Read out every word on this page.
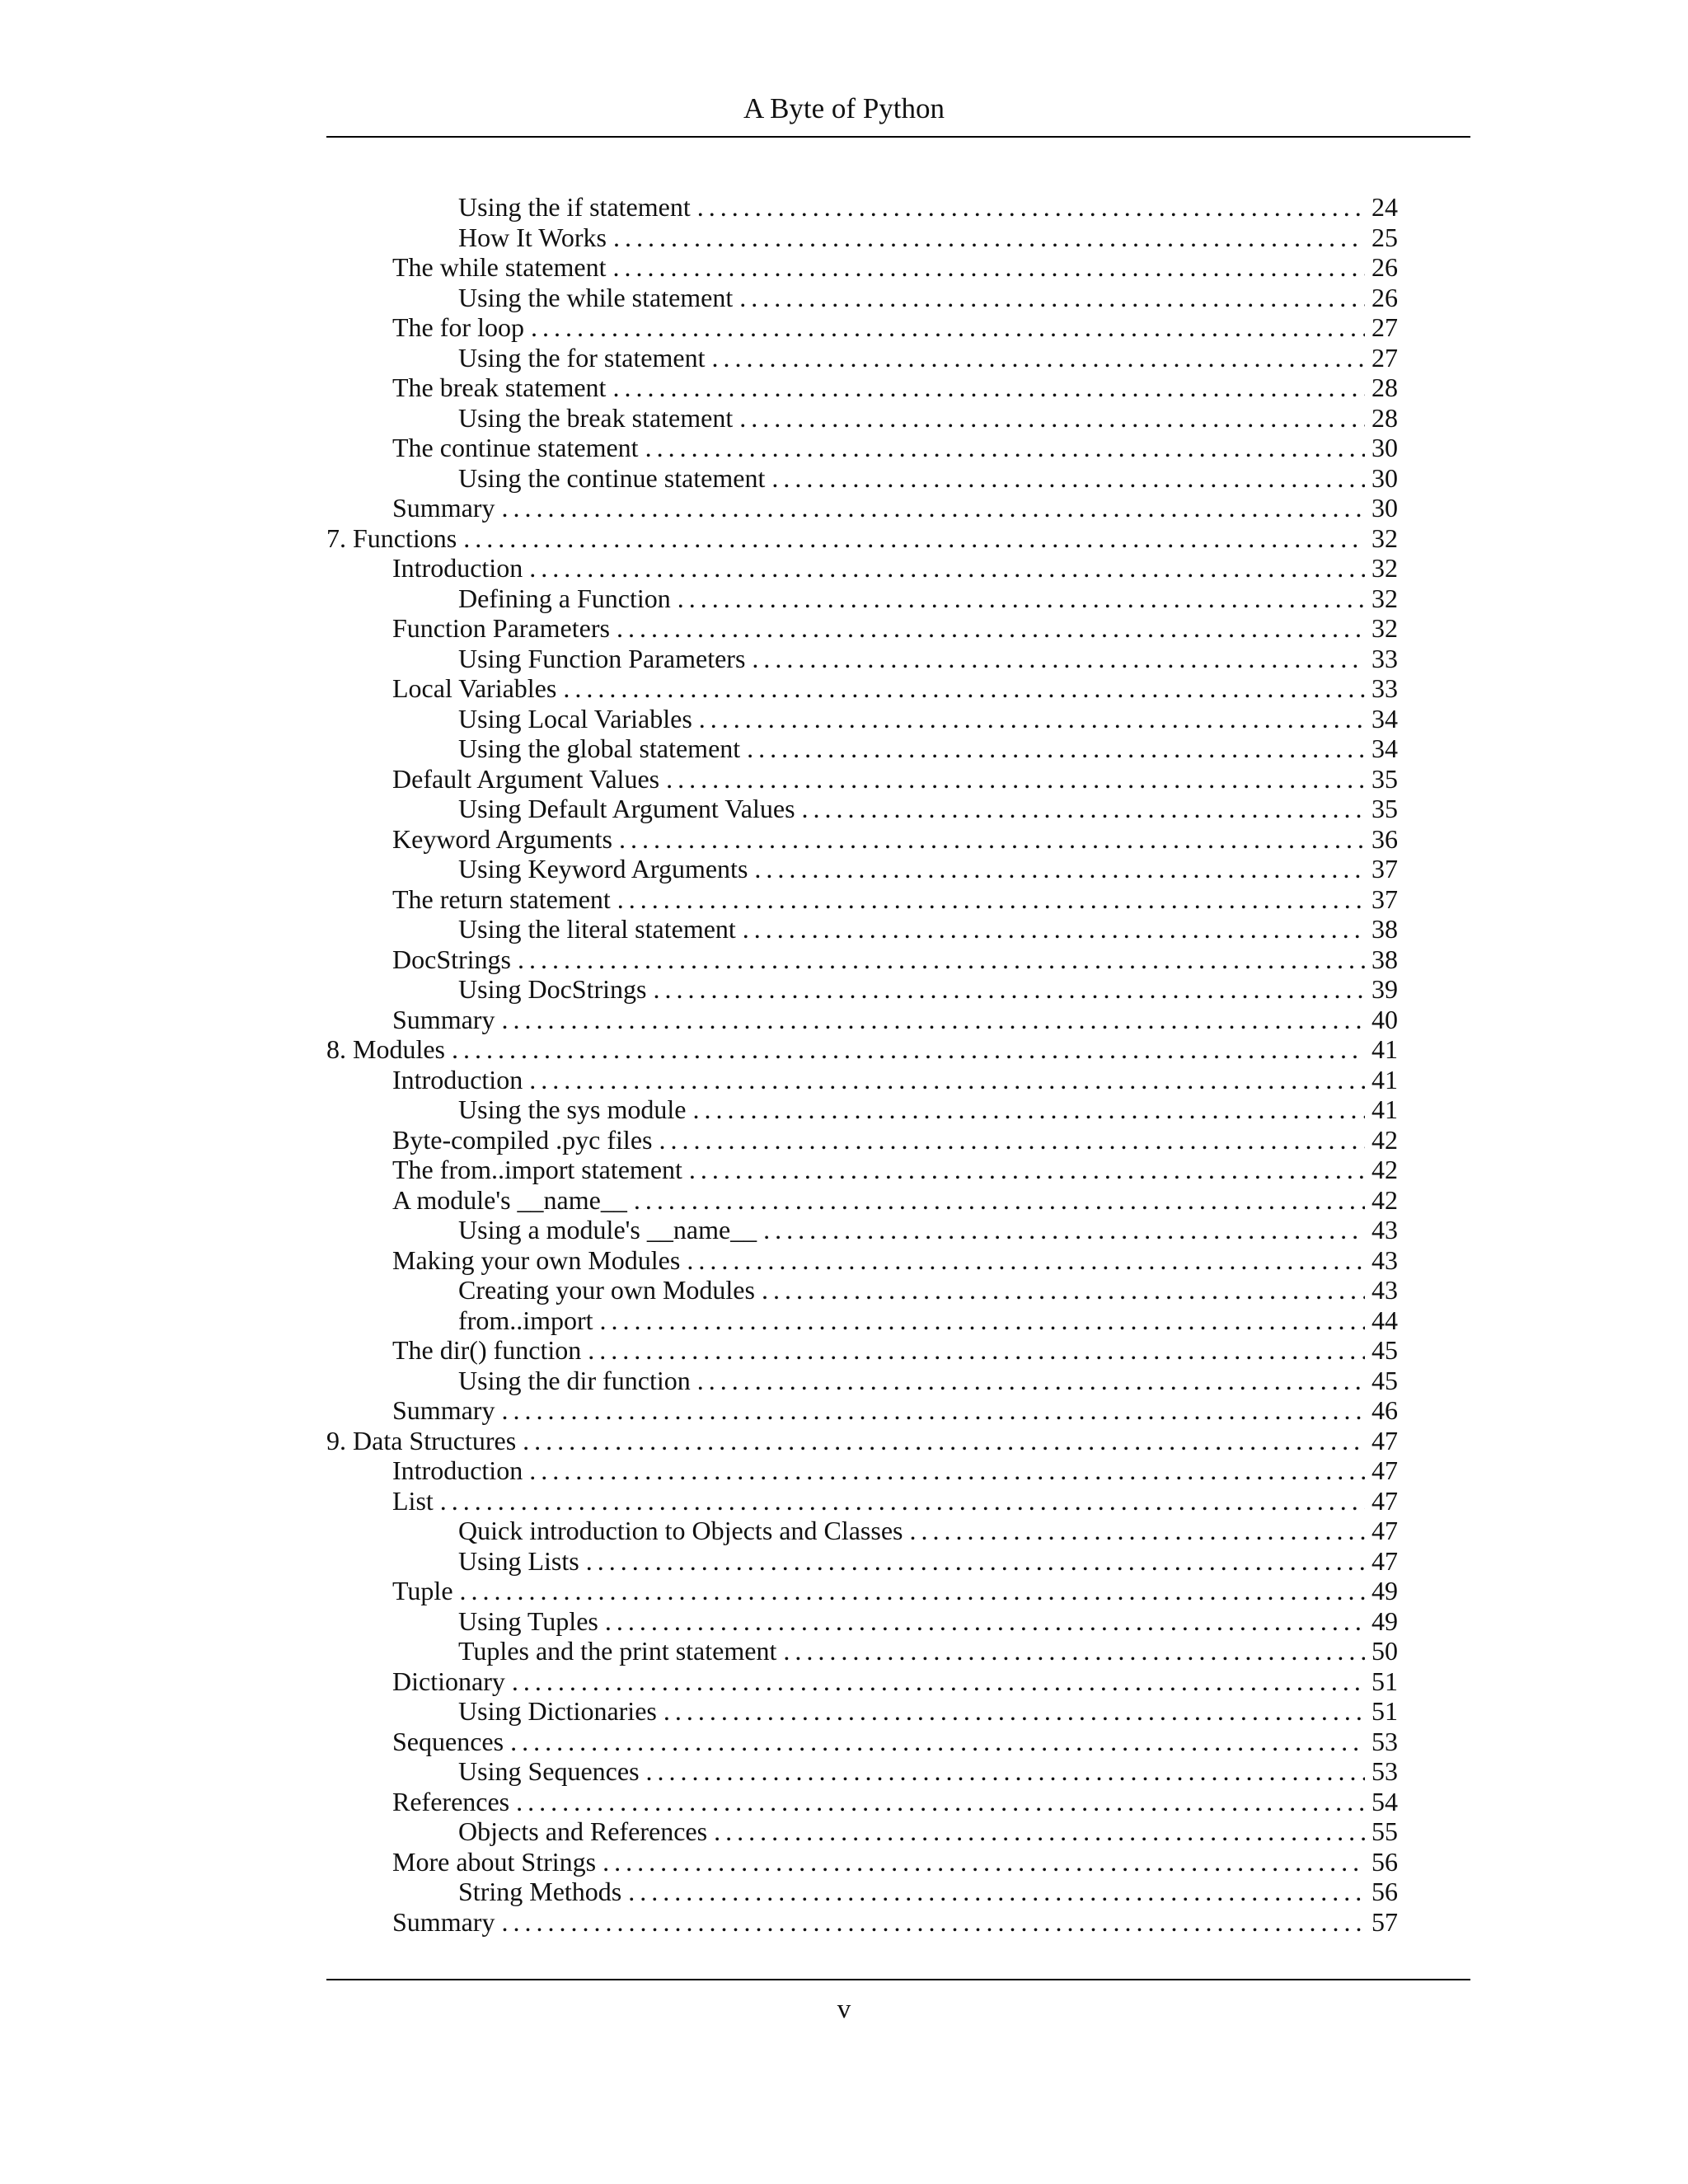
A Byte of Python
Using the if statement . . .	24
How It Works . . .	25
The while statement . . .	26
Using the while statement . . .	26
The for loop . . .	27
Using the for statement . . .	27
The break statement . . .	28
Using the break statement . . .	28
The continue statement . . .	30
Using the continue statement . . .	30
Summary . . .	30
7. Functions . . .	32
Introduction . . .	32
Defining a Function . . .	32
Function Parameters . . .	32
Using Function Parameters . . .	33
Local Variables . . .	33
Using Local Variables . . .	34
Using the global statement . . .	34
Default Argument Values . . .	35
Using Default Argument Values . . .	35
Keyword Arguments . . .	36
Using Keyword Arguments . . .	37
The return statement . . .	37
Using the literal statement . . .	38
DocStrings . . .	38
Using DocStrings . . .	39
Summary . . .	40
8. Modules . . .	41
Introduction . . .	41
Using the sys module . . .	41
Byte-compiled .pyc files . . .	42
The from..import statement . . .	42
A module's __name__ . . .	42
Using a module's __name__ . . .	43
Making your own Modules . . .	43
Creating your own Modules . . .	43
from..import . . .	44
The dir() function . . .	45
Using the dir function . . .	45
Summary . . .	46
9. Data Structures . . .	47
Introduction . . .	47
List . . .	47
Quick introduction to Objects and Classes . . .	47
Using Lists . . .	47
Tuple . . .	49
Using Tuples . . .	49
Tuples and the print statement . . .	50
Dictionary . . .	51
Using Dictionaries . . .	51
Sequences . . .	53
Using Sequences . . .	53
References . . .	54
Objects and References . . .	55
More about Strings . . .	56
String Methods . . .	56
Summary . . .	57
v
